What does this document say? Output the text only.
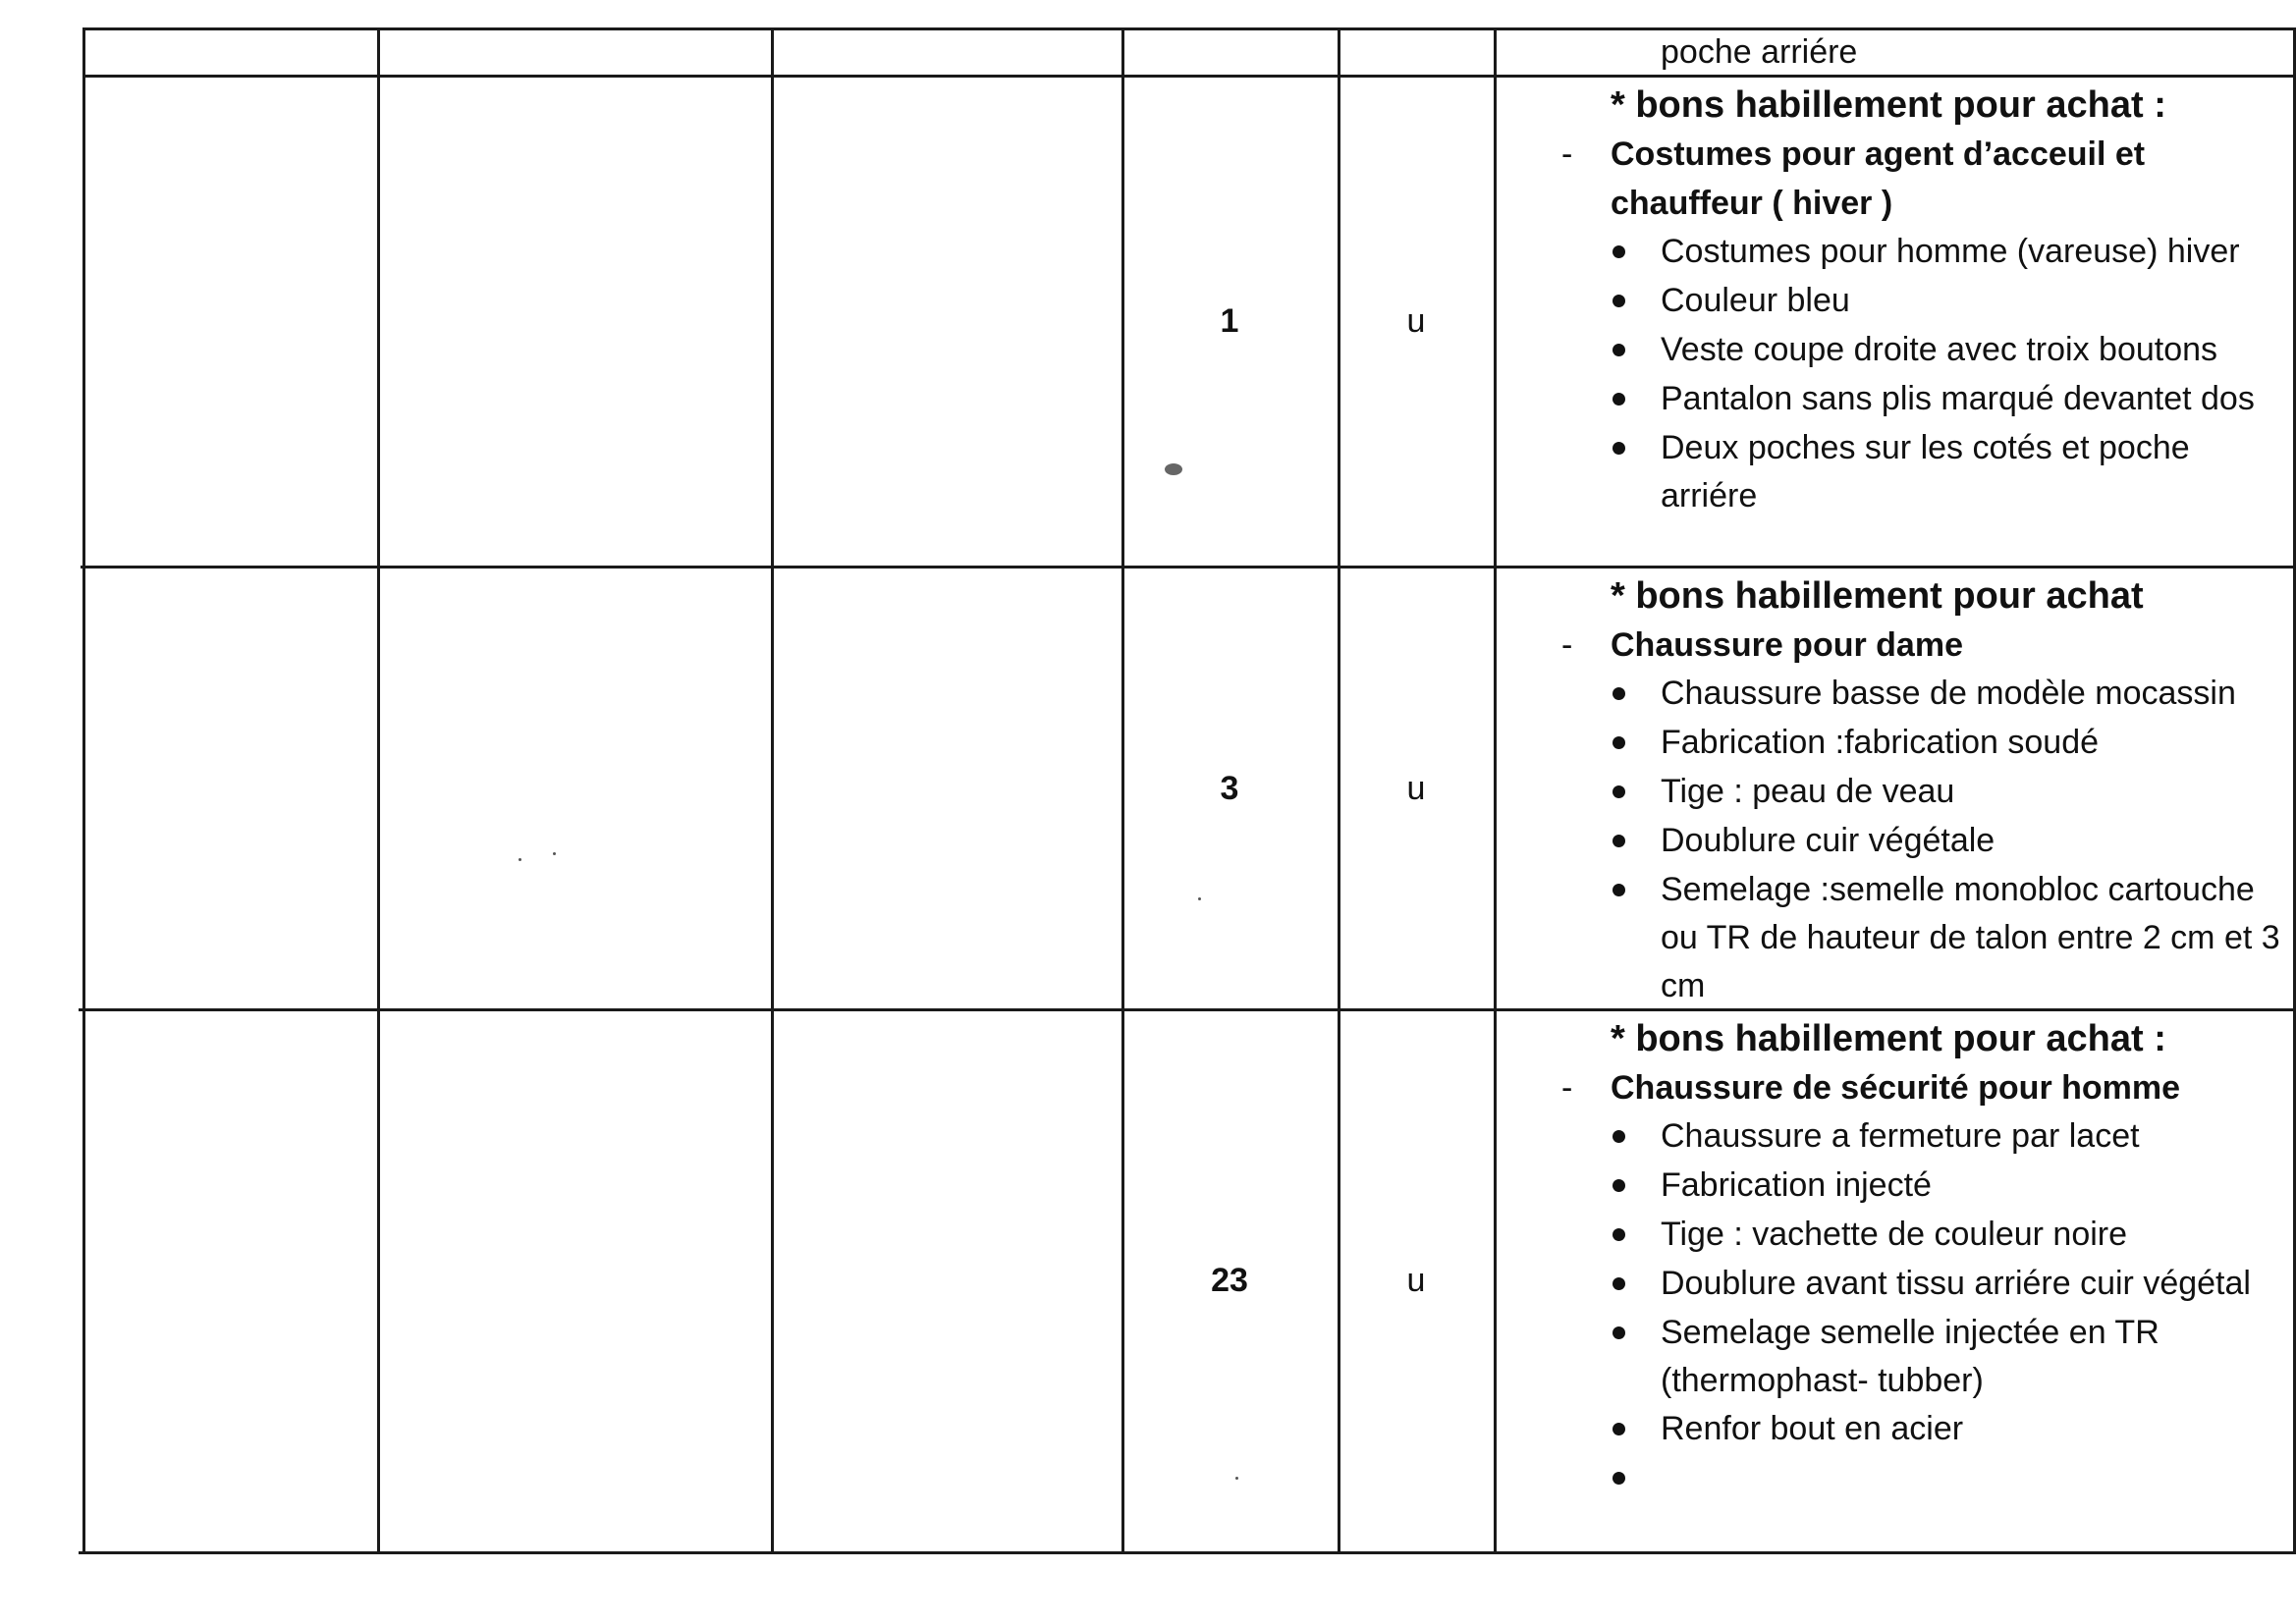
poche arriére
1	u
* bons habillement pour achat :
- Costumes pour agent d’acceuil et chauffeur ( hiver )
Costumes pour homme (vareuse) hiver
Couleur bleu
Veste coupe droite avec troix boutons
Pantalon sans plis marqué devantet dos
Deux poches sur les cotés et poche arriére
3	u
* bons habillement pour achat
- Chaussure pour dame
Chaussure basse de modèle mocassin
Fabrication :fabrication soudé
Tige : peau de veau
Doublure cuir végétale
Semelage :semelle monobloc cartouche ou TR de hauteur de talon entre 2 cm et 3 cm
23	u
* bons habillement pour achat :
- Chaussure de sécurité pour homme
Chaussure a fermeture par lacet
Fabrication injecté
Tige : vachette de couleur noire
Doublure avant tissu arriére cuir végétal
Semelage semelle injectée en TR (thermophast- tubber)
Renfor bout en acier
